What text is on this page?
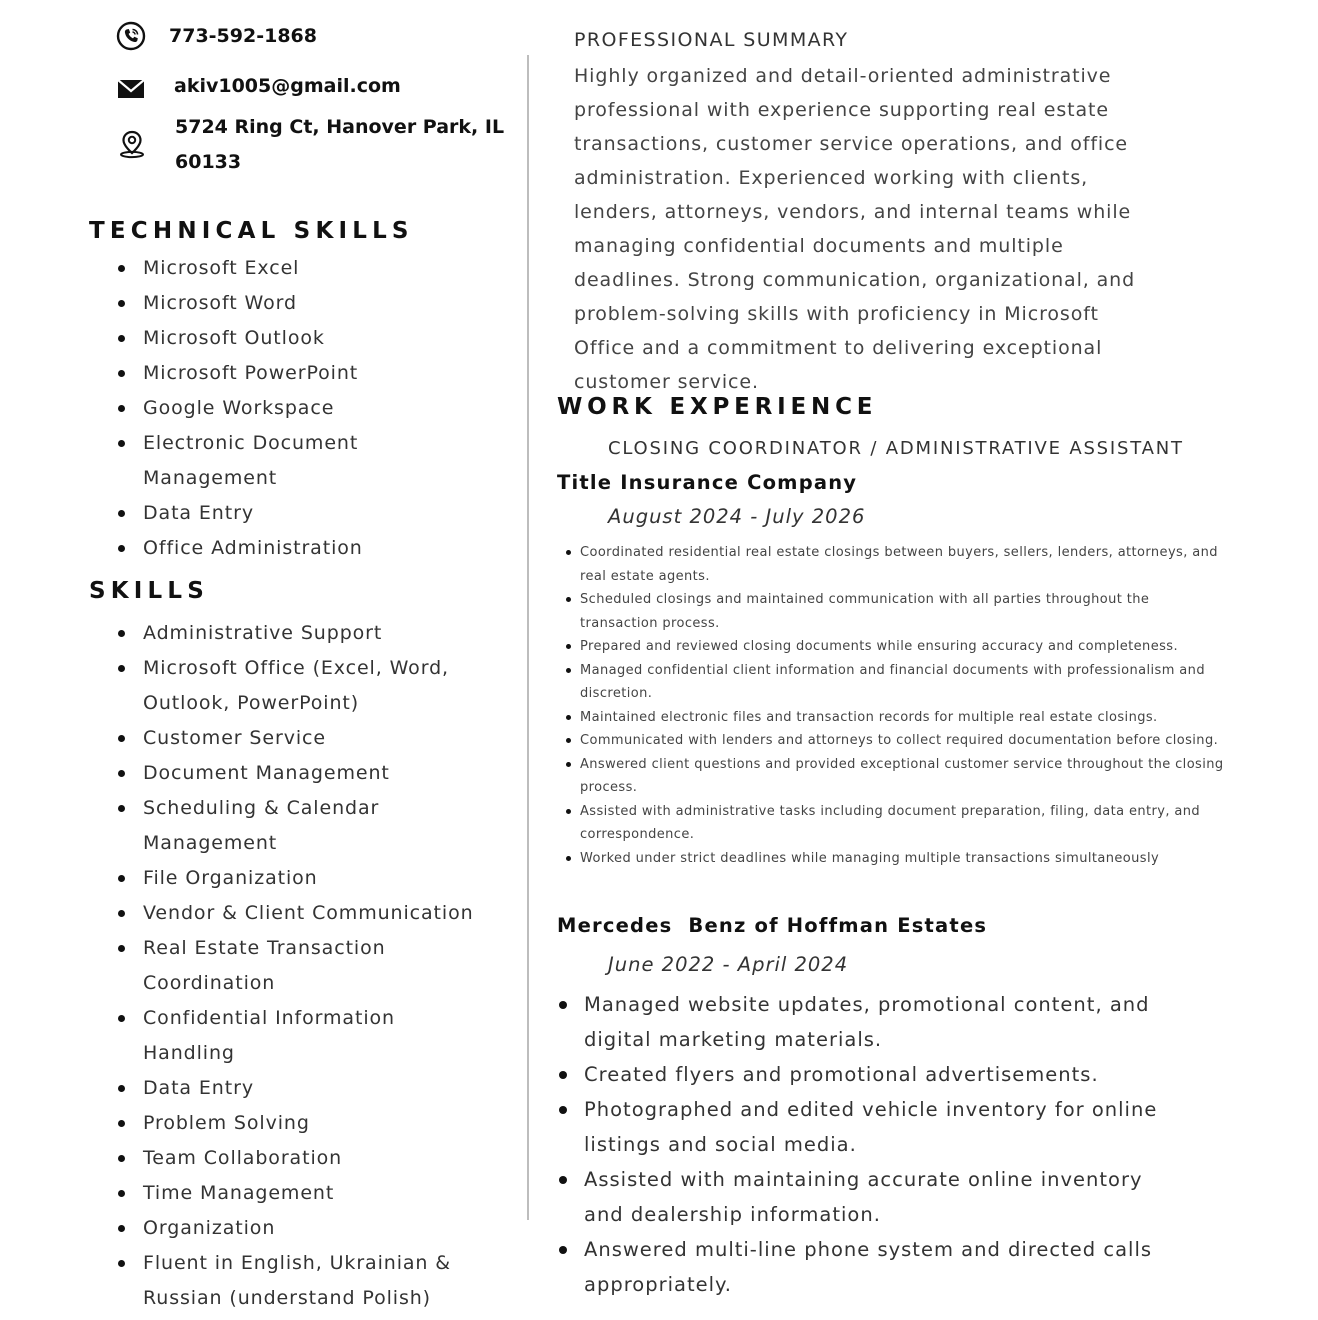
773-592-1868
akiv1005@gmail.com
5724 Ring Ct, Hanover Park, IL
60133
TECHNICAL SKILLS
Microsoft Excel
Microsoft Word
Microsoft Outlook
Microsoft PowerPoint
Google Workspace
Electronic Document Management
Data Entry
Office Administration
SKILLS
Administrative Support
Microsoft Office (Excel, Word, Outlook, PowerPoint)
Customer Service
Document Management
Scheduling & Calendar Management
File Organization
Vendor & Client Communication
Real Estate Transaction Coordination
Confidential Information Handling
Data Entry
Problem Solving
Team Collaboration
Time Management
Organization
Fluent in English, Ukrainian & Russian (understand Polish)
PROFESSIONAL SUMMARY
Highly organized and detail-oriented administrative professional with experience supporting real estate transactions, customer service operations, and office administration. Experienced working with clients, lenders, attorneys, vendors, and internal teams while managing confidential documents and multiple deadlines. Strong communication, organizational, and problem-solving skills with proficiency in Microsoft Office and a commitment to delivering exceptional customer service.
WORK EXPERIENCE
CLOSING COORDINATOR / ADMINISTRATIVE ASSISTANT
Title Insurance Company
August 2024 - July 2026
Coordinated residential real estate closings between buyers, sellers, lenders, attorneys, and real estate agents.
Scheduled closings and maintained communication with all parties throughout the transaction process.
Prepared and reviewed closing documents while ensuring accuracy and completeness.
Managed confidential client information and financial documents with professionalism and discretion.
Maintained electronic files and transaction records for multiple real estate closings.
Communicated with lenders and attorneys to collect required documentation before closing.
Answered client questions and provided exceptional customer service throughout the closing process.
Assisted with administrative tasks including document preparation, filing, data entry, and correspondence.
Worked under strict deadlines while managing multiple transactions simultaneously
Mercedes  Benz of Hoffman Estates
June 2022 - April 2024
Managed website updates, promotional content, and digital marketing materials.
Created flyers and promotional advertisements.
Photographed and edited vehicle inventory for online listings and social media.
Assisted with maintaining accurate online inventory and dealership information.
Answered multi-line phone system and directed calls appropriately.
